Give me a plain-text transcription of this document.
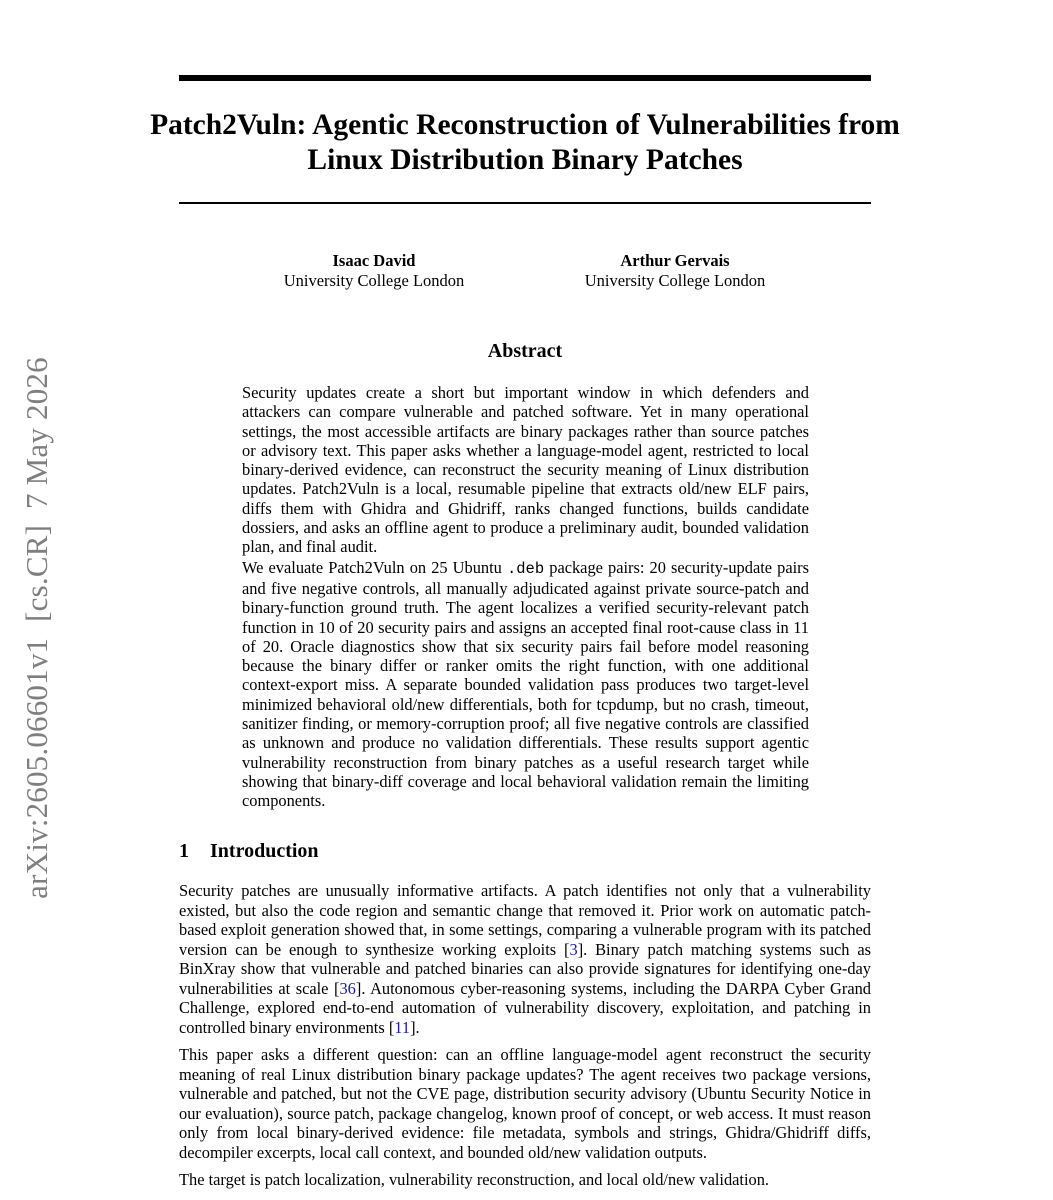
Patch2Vuln: Agentic Reconstruction of Vulnerabilities from Linux Distribution Binary Patches
Isaac David
University College London
Arthur Gervais
University College London
arXiv:2605.06601v1  [cs.CR]  7 May 2026
Abstract

Security updates create a short but important window in which defenders and attackers can compare vulnerable and patched software. Yet in many operational settings, the most accessible artifacts are binary packages rather than source patches or advisory text. This paper asks whether a language-model agent, restricted to local binary-derived evidence, can reconstruct the security meaning of Linux distribution updates. Patch2Vuln is a local, resumable pipeline that extracts old/new ELF pairs, diffs them with Ghidra and Ghidriff, ranks changed functions, builds candidate dossiers, and asks an offline agent to produce a preliminary audit, bounded validation plan, and final audit.

We evaluate Patch2Vuln on 25 Ubuntu .deb package pairs: 20 security-update pairs and five negative controls, all manually adjudicated against private source-patch and binary-function ground truth. The agent localizes a verified security-relevant patch function in 10 of 20 security pairs and assigns an accepted final root-cause class in 11 of 20. Oracle diagnostics show that six security pairs fail before model reasoning because the binary differ or ranker omits the right function, with one additional context-export miss. A separate bounded validation pass produces two target-level minimized behavioral old/new differentials, both for tcpdump, but no crash, timeout, sanitizer finding, or memory-corruption proof; all five negative controls are classified as unknown and produce no validation differentials. These results support agentic vulnerability reconstruction from binary patches as a useful research target while showing that binary-diff coverage and local behavioral validation remain the limiting components.

1 Introduction

Security patches are unusually informative artifacts. A patch identifies not only that a vulnerability existed, but also the code region and semantic change that removed it. Prior work on automatic patch-based exploit generation showed that, in some settings, comparing a vulnerable program with its patched version can be enough to synthesize working exploits [3]. Binary patch matching systems such as BinXray show that vulnerable and patched binaries can also provide signatures for identifying one-day vulnerabilities at scale [36]. Autonomous cyber-reasoning systems, including the DARPA Cyber Grand Challenge, explored end-to-end automation of vulnerability discovery, exploitation, and patching in controlled binary environments [11].

This paper asks a different question: can an offline language-model agent reconstruct the security meaning of real Linux distribution binary package updates? The agent receives two package versions, vulnerable and patched, but not the CVE page, distribution security advisory (Ubuntu Security Notice in our evaluation), source patch, package changelog, known proof of concept, or web access. It must reason only from local binary-derived evidence: file metadata, symbols and strings, Ghidra/Ghidriff diffs, decompiler excerpts, local call context, and bounded old/new validation outputs.

The target is patch localization, vulnerability reconstruction, and local old/new validation.
